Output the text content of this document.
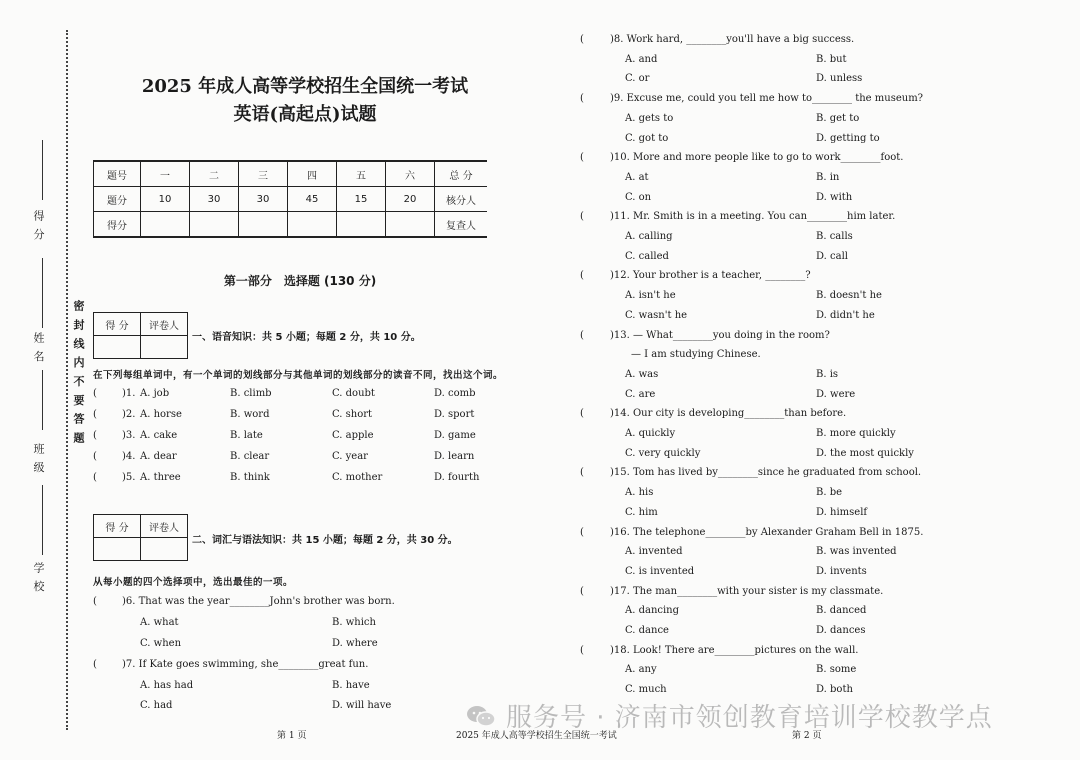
得 分
姓 名
班 级
学 校
密 封 线 内 不 要 答 题
2025 年成人高等学校招生全国统一考试
英语(高起点)试题
题号	一	二	三	四	五	六	总 分
题分	10	30	30	45	15	20	核分人
得分							复查人
第一部分　选择题 (130 分)
得 分	评卷人

一、语音知识：共 5 小题；每题 2 分，共 10 分。
在下列每组单词中，有一个单词的划线部分与其他单词的划线部分的读音不同，找出这个词。
(	)1. A. job	B. climb	C. doubt	D. comb
(	)2. A. horse	B. word	C. short	D. sport
(	)3. A. cake	B. late	C. apple	D. game
(	)4. A. dear	B. clear	C. year	D. learn
(	)5. A. three	B. think	C. mother	D. fourth
得 分	评卷人

二、词汇与语法知识：共 15 小题；每题 2 分，共 30 分。
从每小题的四个选择项中，选出最佳的一项。
(	)6. That was the year________John's brother was born.
A. what	B. which
C. when	D. where
(	)7. If Kate goes swimming, she________great fun.
A. has had	B. have
C. had	D. will have
(	)8. Work hard, ________you'll have a big success.
A. and	B. but
C. or	D. unless
(	)9. Excuse me, could you tell me how to________ the museum?
A. gets to	B. get to
C. got to	D. getting to
(	)10. More and more people like to go to work________foot.
A. at	B. in
C. on	D. with
(	)11. Mr. Smith is in a meeting. You can________him later.
A. calling	B. calls
C. called	D. call
(	)12. Your brother is a teacher, ________?
A. isn't he	B. doesn't he
C. wasn't he	D. didn't he
(	)13. — What________you doing in the room?
— I am studying Chinese.
A. was	B. is
C. are	D. were
(	)14. Our city is developing________than before.
A. quickly	B. more quickly
C. very quickly	D. the most quickly
(	)15. Tom has lived by________since he graduated from school.
A. his	B. be
C. him	D. himself
(	)16. The telephone________by Alexander Graham Bell in 1875.
A. invented	B. was invented
C. is invented	D. invents
(	)17. The man________with your sister is my classmate.
A. dancing	B. danced
C. dance	D. dances
(	)18. Look! There are________pictures on the wall.
A. any	B. some
C. much	D. both
第 1 页	2025 年成人高等学校招生全国统一考试	第 2 页
服务号 · 济南市领创教育培训学校教学点
